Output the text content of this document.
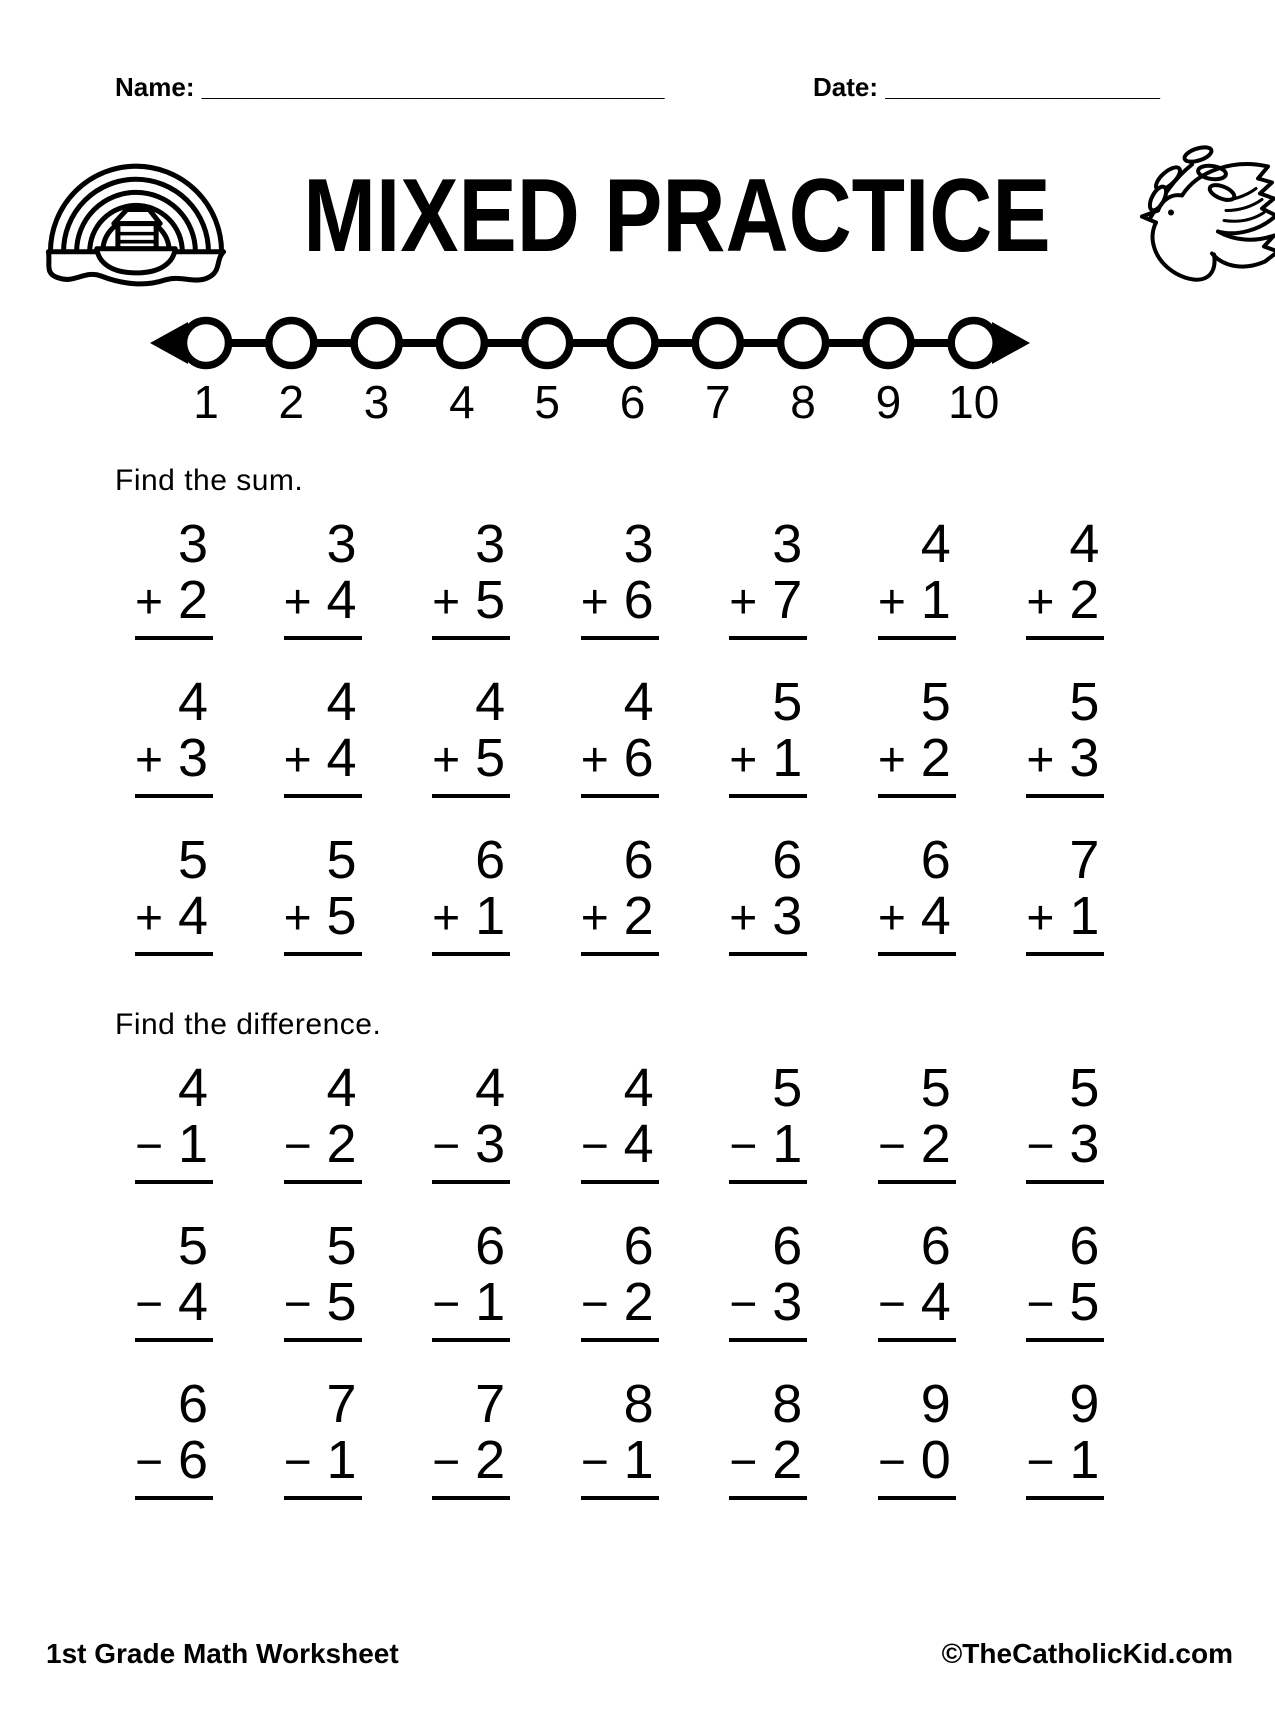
Name: ________________________________	Date: ___________________
MIXED PRACTICE
1 2 3 4 5 6 7 8 9 10
Find the sum.
3
+ 2
3
+ 4
3
+ 5
3
+ 6
3
+ 7
4
+ 1
4
+ 2
4
+ 3
4
+ 4
4
+ 5
4
+ 6
5
+ 1
5
+ 2
5
+ 3
5
+ 4
5
+ 5
6
+ 1
6
+ 2
6
+ 3
6
+ 4
7
+ 1
Find the difference.
4
− 1
4
− 2
4
− 3
4
− 4
5
− 1
5
− 2
5
− 3
5
− 4
5
− 5
6
− 1
6
− 2
6
− 3
6
− 4
6
− 5
6
− 6
7
− 1
7
− 2
8
− 1
8
− 2
9
− 0
9
− 1
1st Grade Math Worksheet	©TheCatholicKid.com
